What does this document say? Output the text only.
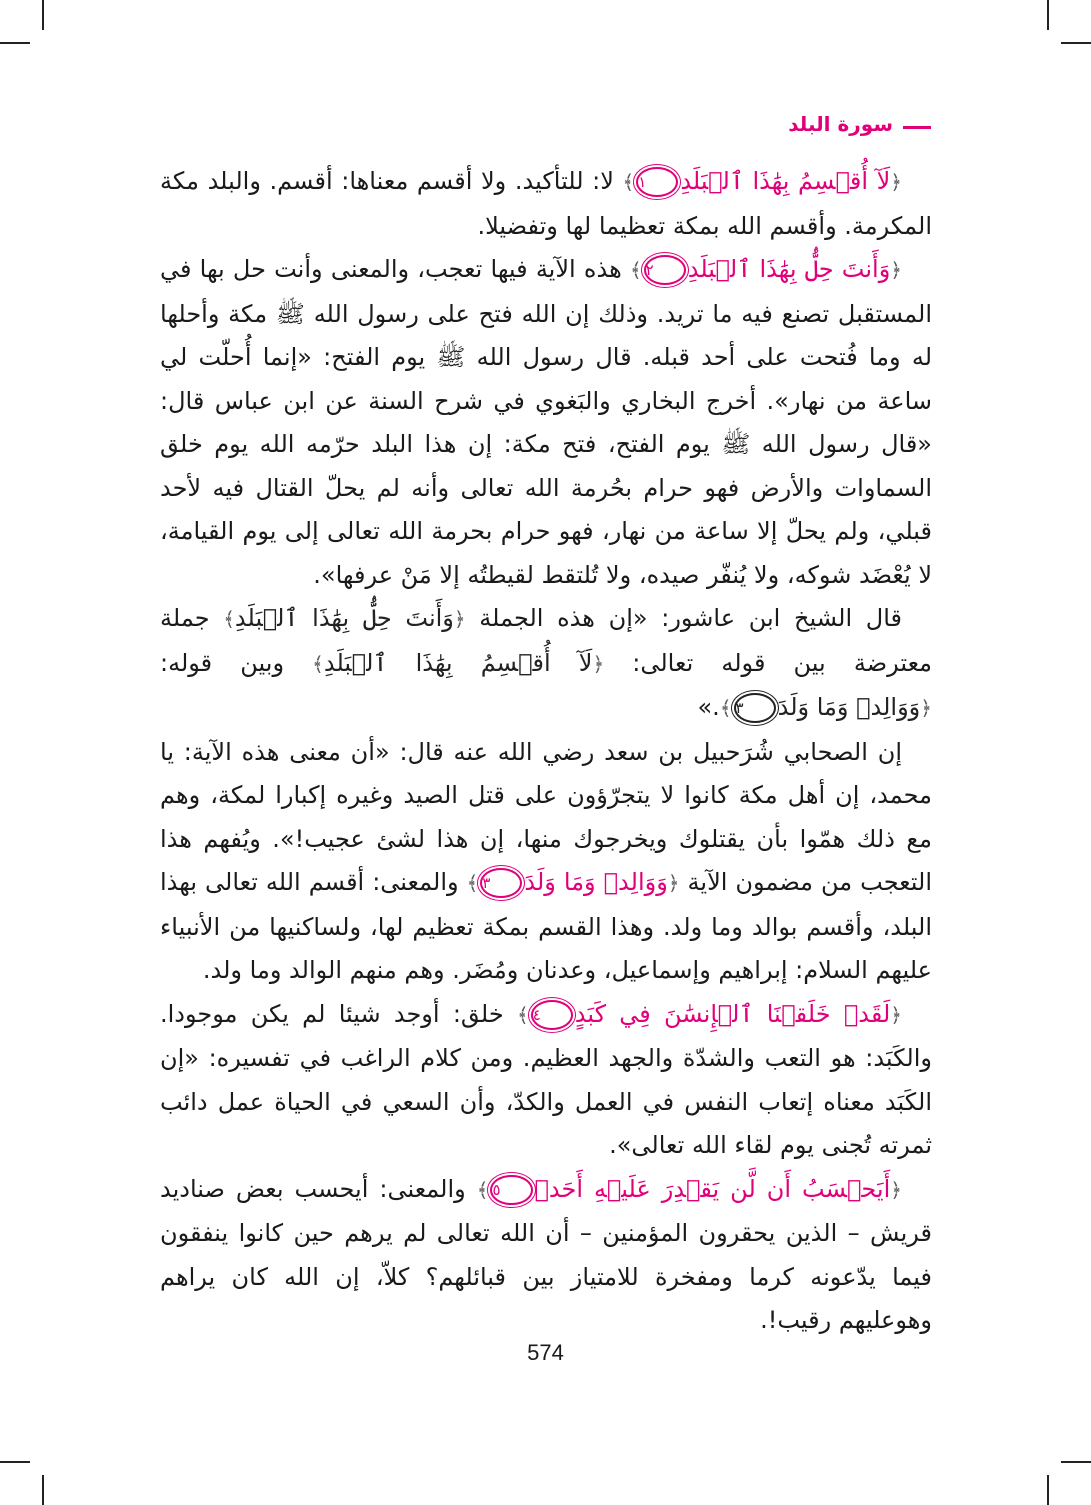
سورة البلد

﴿لَآ أُقۡسِمُ بِهَٰذَا ٱلۡبَلَدِ١﴾ لا: للتأكيد. ولا أقسم معناها: أقسم. والبلد مكة المكرمة. وأقسم الله بمكة تعظيما لها وتفضيلا.

﴿وَأَنتَ حِلُّۢ بِهَٰذَا ٱلۡبَلَدِ٢﴾ هذه الآية فيها تعجب، والمعنى وأنت حل بها في المستقبل تصنع فيه ما تريد. وذلك إن الله فتح على رسول الله ﷺ مكة وأحلها له وما فُتحت على أحد قبله. قال رسول الله ﷺ يوم الفتح: «إنما أُحلّت لي ساعة من نهار». أخرج البخاري والبَغوي في شرح السنة عن ابن عباس قال: «قال رسول الله ﷺ يوم الفتح، فتح مكة: إن هذا البلد حرّمه الله يوم خلق السماوات والأرض فهو حرام بحُرمة الله تعالى وأنه لم يحلّ القتال فيه لأحد قبلي، ولم يحلّ إلا ساعة من نهار، فهو حرام بحرمة الله تعالى إلى يوم القيامة، لا يُعْضَد شوكه، ولا يُنفّر صيده، ولا تُلتقط لقيطتُه إلا مَنْ عرفها».

قال الشيخ ابن عاشور: «إن هذه الجملة ﴿وَأَنتَ حِلُّۢ بِهَٰذَا ٱلۡبَلَدِ﴾ جملة معترضة بين قوله تعالى: ﴿لَآ أُقۡسِمُ بِهَٰذَا ٱلۡبَلَدِ﴾ وبين قوله: ﴿وَوَالِدٖ وَمَا وَلَدَ٣﴾.»

إن الصحابي شُرَحبيل بن سعد رضي الله عنه قال: «أن معنى هذه الآية: يا محمد، إن أهل مكة كانوا لا يتجرّؤون على قتل الصيد وغيره إكبارا لمكة، وهم مع ذلك همّوا بأن يقتلوك ويخرجوك منها، إن هذا لشئ عجيب!». ويُفهم هذا التعجب من مضمون الآية ﴿وَوَالِدٖ وَمَا وَلَدَ٣﴾ والمعنى: أقسم الله تعالى بهذا البلد، وأقسم بوالد وما ولد. وهذا القسم بمكة تعظيم لها، ولساكنيها من الأنبياء عليهم السلام: إبراهيم وإسماعيل، وعدنان ومُضَر. وهم منهم الوالد وما ولد.

﴿لَقَدۡ خَلَقۡنَا ٱلۡإِنسَٰنَ فِي كَبَدٍ٤﴾ خلق: أوجد شيئا لم يكن موجودا. والكَبَد: هو التعب والشدّة والجهد العظيم. ومن كلام الراغب في تفسيره: «إن الكَبَد معناه إتعاب النفس في العمل والكدّ، وأن السعي في الحياة عمل دائب ثمرته تُجنى يوم لقاء الله تعالى».

﴿أَيَحۡسَبُ أَن لَّن يَقۡدِرَ عَلَيۡهِ أَحَدٞ٥﴾ والمعنى: أيحسب بعض صناديد قريش – الذين يحقرون المؤمنين – أن الله تعالى لم يرهم حين كانوا ينفقون فيما يدّعونه كرما ومفخرة للامتياز بين قبائلهم؟ كلاّ، إن الله كان يراهم وهوعليهم رقيب!.

574
